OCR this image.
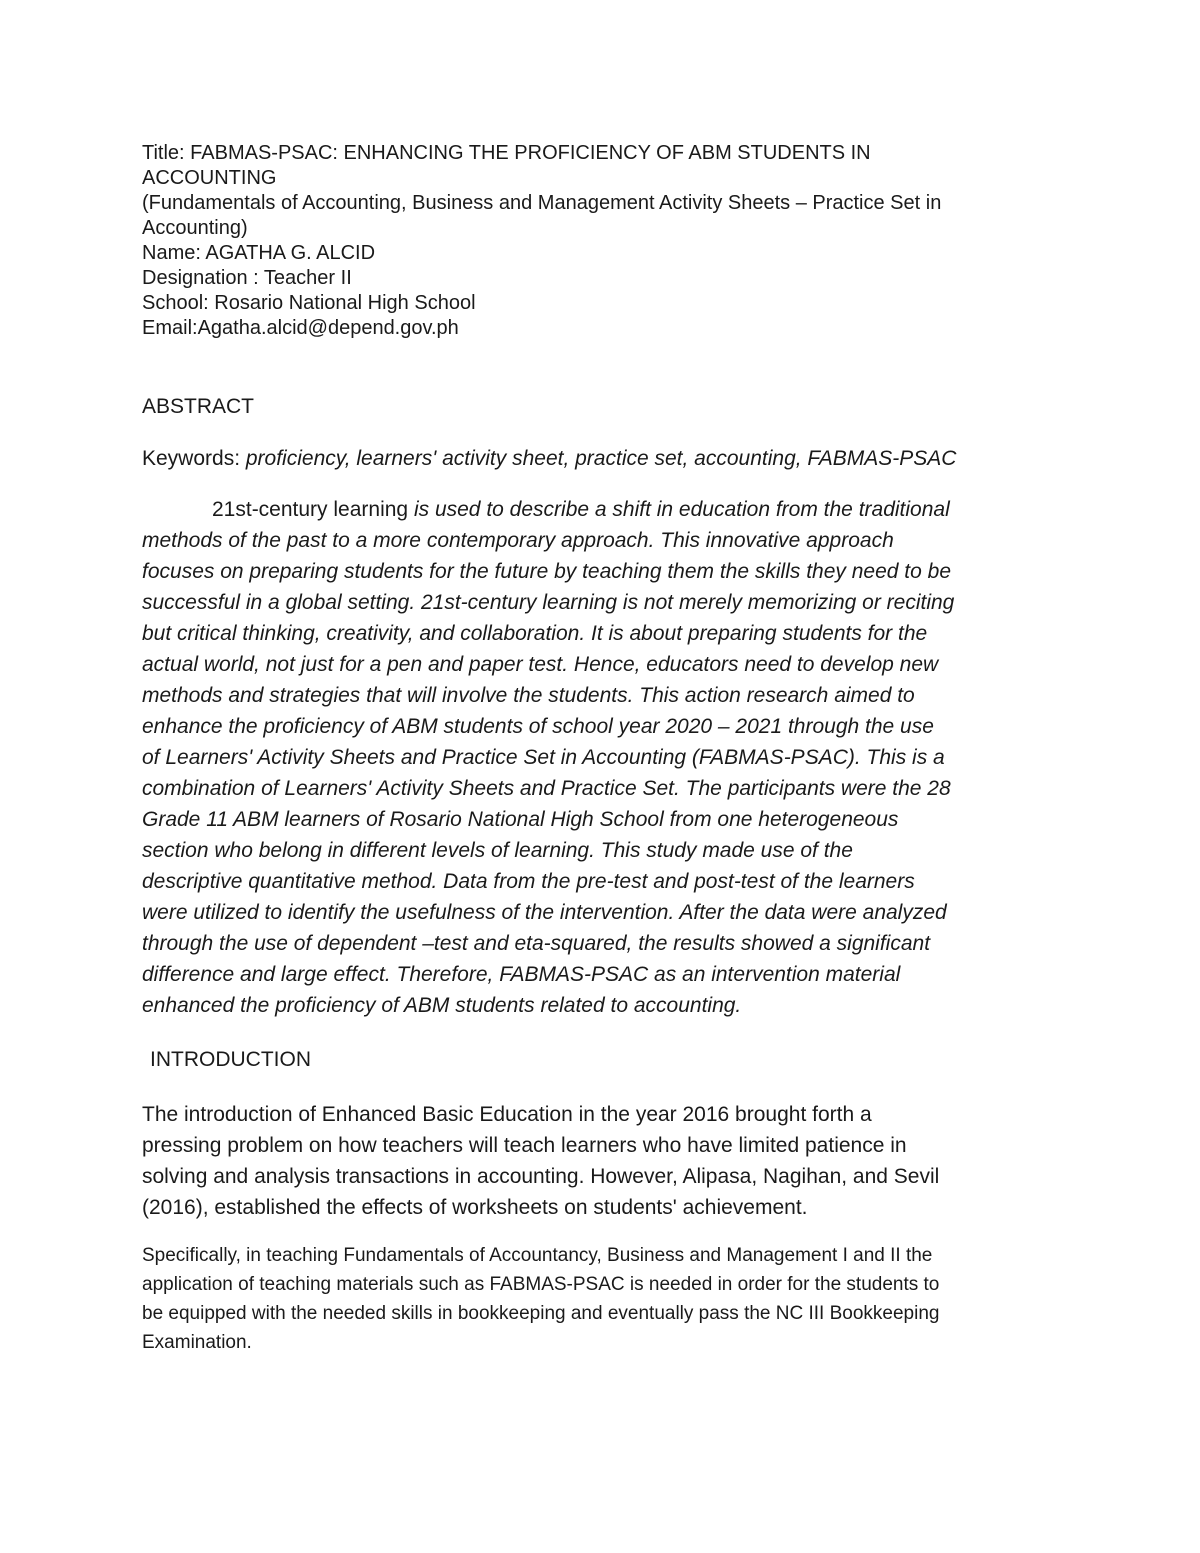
Title: FABMAS-PSAC: ENHANCING THE PROFICIENCY OF ABM STUDENTS IN
ACCOUNTING
(Fundamentals of Accounting, Business and Management Activity Sheets – Practice Set in
Accounting)
Name: AGATHA G. ALCID
Designation : Teacher II
School: Rosario National High School
Email:Agatha.alcid@depend.gov.ph
ABSTRACT
Keywords: proficiency, learners' activity sheet, practice set, accounting, FABMAS-PSAC
21st-century learning is used to describe a shift in education from the traditional
methods of the past to a more contemporary approach. This innovative approach
focuses on preparing students for the future by teaching them the skills they need to be
successful in a global setting. 21st-century learning is not merely memorizing or reciting
but critical thinking, creativity, and collaboration. It is about preparing students for the
actual world, not just for a pen and paper test. Hence, educators need to develop new
methods and strategies that will involve the students. This action research aimed to
enhance the proficiency of ABM students of school year 2020 – 2021 through the use
of Learners' Activity Sheets and Practice Set in Accounting (FABMAS-PSAC). This is a
combination of Learners' Activity Sheets and Practice Set. The participants were the 28
Grade 11 ABM learners of Rosario National High School from one heterogeneous
section who belong in different levels of learning. This study made use of the
descriptive quantitative method. Data from the pre-test and post-test of the learners
were utilized to identify the usefulness of the intervention. After the data were analyzed
through the use of dependent –test and eta-squared, the results showed a significant
difference and large effect. Therefore, FABMAS-PSAC as an intervention material
enhanced the proficiency of ABM students related to accounting.
INTRODUCTION
The introduction of Enhanced Basic Education in the year 2016 brought forth a
pressing problem on how teachers will teach learners who have limited patience in
solving and analysis transactions in accounting. However, Alipasa, Nagihan, and Sevil
(2016), established the effects of worksheets on students' achievement.
Specifically, in teaching Fundamentals of Accountancy, Business and Management I and II the
application of teaching materials such as FABMAS-PSAC is needed in order for the students to
be equipped with the needed skills in bookkeeping and eventually pass the NC III Bookkeeping
Examination.
